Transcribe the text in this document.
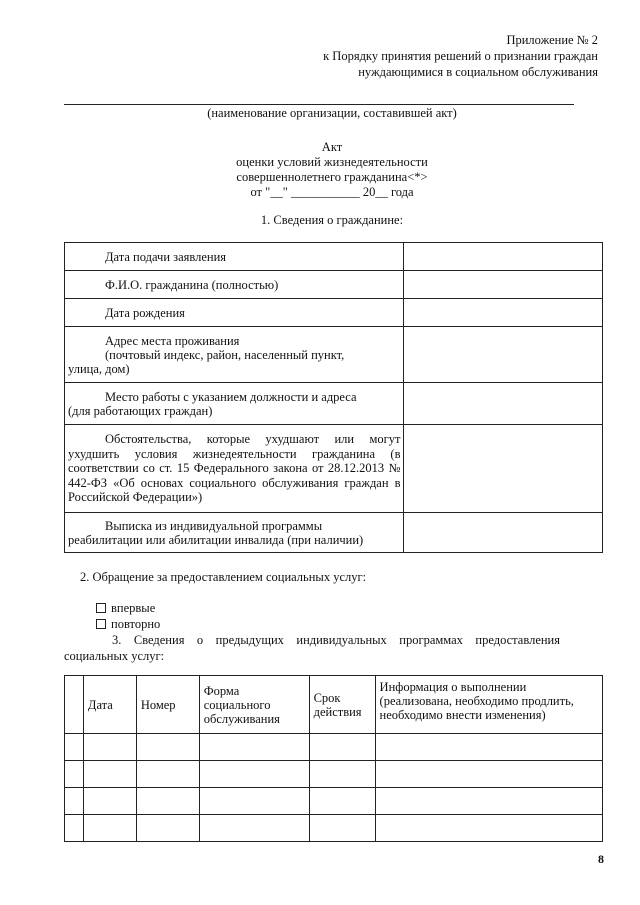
Приложение № 2
к Порядку принятия решений о признании граждан
нуждающимися в социальном обслуживания
(наименование организации, составившей акт)
Акт
оценки условий жизнедеятельности
совершеннолетнего гражданина<*>
от "__" ___________ 20__ года
1. Сведения о гражданине:
Дата подачи заявления	
Ф.И.О. гражданина (полностью)	
Дата рождения	

Адрес места проживания
(почтовый индекс, район, населенный пункт,
улица, дом)	

Место работы с указанием должности и адреса
(для работающих граждан)	

Обстоятельства, которые ухудшают или могут ухудшить условия жизнедеятельности гражданина (в соответствии со ст. 15 Федерального закона от 28.12.2013 № 442-ФЗ «Об основах социального обслуживания граждан в Российской Федерации»)	

Выписка из индивидуальной программы
реабилитации или абилитации инвалида (при наличии)	

2. Обращение за предоставлением социальных услуг:
впервые
повторно
3. Сведения о предыдущих индивидуальных программах предоставления
социальных услуг:
	Дата	Номер	Форма социального обслуживания	Срок действия	Информация о выполнении (реализована, необходимо продлить, необходимо внести изменения)

8
